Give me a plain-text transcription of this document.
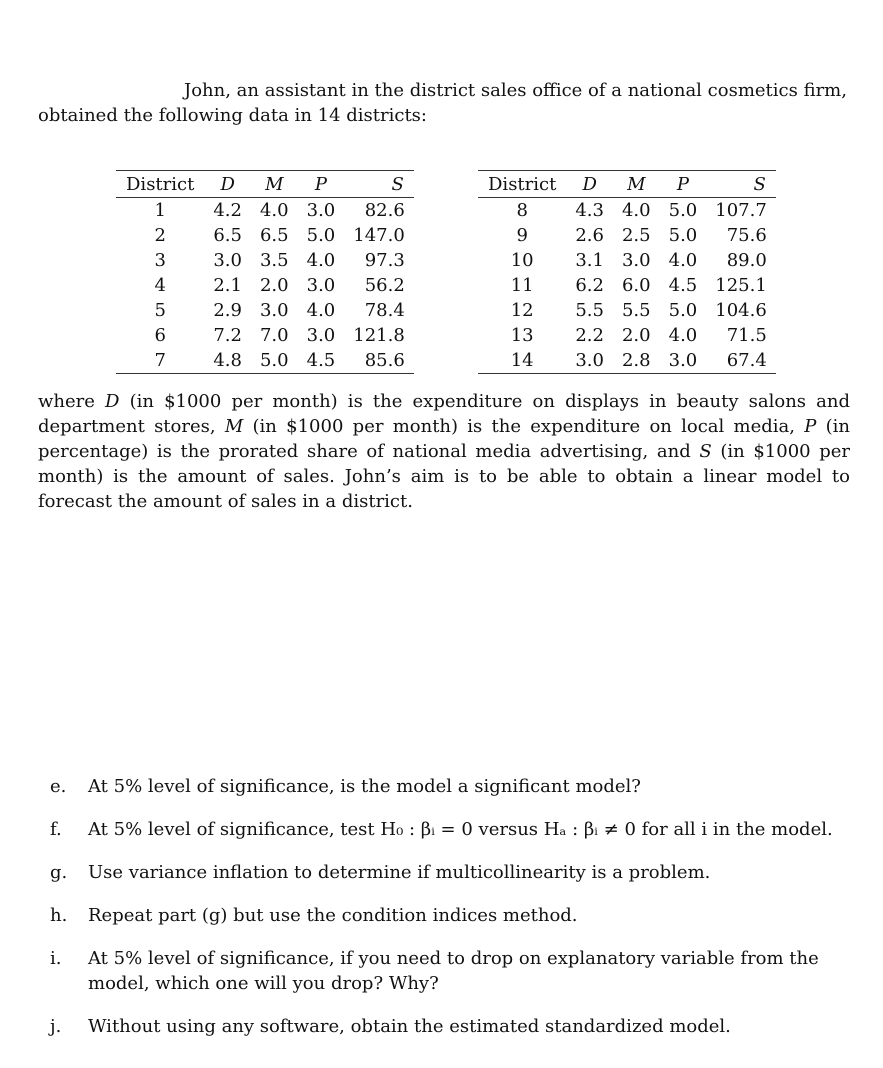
John, an assistant in the district sales office of a national cosmetics firm,
obtained the following data in 14 districts:
District	D	M	P	S
1	4.2	4.0	3.0	82.6
2	6.5	6.5	5.0	147.0
3	3.0	3.5	4.0	97.3
4	2.1	2.0	3.0	56.2
5	2.9	3.0	4.0	78.4
6	7.2	7.0	3.0	121.8
7	4.8	5.0	4.5	85.6
District	D	M	P	S
8	4.3	4.0	5.0	107.7
9	2.6	2.5	5.0	75.6
10	3.1	3.0	4.0	89.0
11	6.2	6.0	4.5	125.1
12	5.5	5.5	5.0	104.6
13	2.2	2.0	4.0	71.5
14	3.0	2.8	3.0	67.4

where D (in $1000 per month) is the expenditure on displays in beauty salons and department stores, M (in $1000 per month) is the expenditure on local media, P (in percentage) is the prorated share of national media advertising, and S (in $1000 per month) is the amount of sales. John’s aim is to be able to obtain a linear model to forecast the amount of sales in a district.

e.	At 5% level of significance, is the model a significant model?
f.	At 5% level of significance, test H₀ : βᵢ = 0 versus Hₐ : βᵢ ≠ 0 for all i in the model.
g.	Use variance inflation to determine if multicollinearity is a problem.
h.	Repeat part (g) but use the condition indices method.
i.	At 5% level of significance, if you need to drop on explanatory variable from the model, which one will you drop? Why?
j.	Without using any software, obtain the estimated standardized model.
